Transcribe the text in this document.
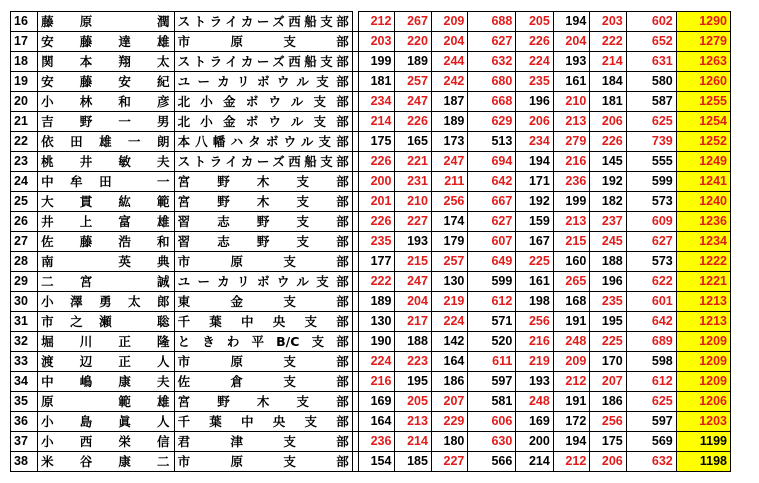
16	藤原　潤	ストライカーズ西船支部		212	267	209	688	205	194	203	602	1290
17	安藤達雄	市原支部		203	220	204	627	226	204	222	652	1279
18	関本翔太	ストライカーズ西船支部		199	189	244	632	224	193	214	631	1263
19	安藤安紀	ユーカリボウル支部		181	257	242	680	235	161	184	580	1260
20	小林和彦	北小金ボウル支部		234	247	187	668	196	210	181	587	1255
21	吉野一男	北小金ボウル支部		214	226	189	629	206	213	206	625	1254
22	依田雄一朗	本八幡ハタボウル支部		175	165	173	513	234	279	226	739	1252
23	桃井敏夫	ストライカーズ西船支部		226	221	247	694	194	216	145	555	1249
24	中牟田　一	宮野木支部		200	231	211	642	171	236	192	599	1241
25	大貫紘範	宮野木支部		201	210	256	667	192	199	182	573	1240
26	井上富雄	習志野支部		226	227	174	627	159	213	237	609	1236
27	佐藤浩和	習志野支部		235	193	179	607	167	215	245	627	1234
28	南　英典	市原支部		177	215	257	649	225	160	188	573	1222
29	二宮　誠	ユーカリボウル支部		222	247	130	599	161	265	196	622	1221
30	小澤勇太郎	東金支部		189	204	219	612	198	168	235	601	1213
31	市之瀬　聡	千葉中央支部		130	217	224	571	256	191	195	642	1213
32	堀川正隆	ときわ平B/C支部		190	188	142	520	216	248	225	689	1209
33	渡辺正人	市原支部		224	223	164	611	219	209	170	598	1209
34	中嶋康夫	佐倉支部		216	195	186	597	193	212	207	612	1209
35	原　範雄	宮野木支部		169	205	207	581	248	191	186	625	1206
36	小島眞人	千葉中央支部		164	213	229	606	169	172	256	597	1203
37	小西栄信	君津支部		236	214	180	630	200	194	175	569	1199
38	米谷康二	市原支部		154	185	227	566	214	212	206	632	1198
